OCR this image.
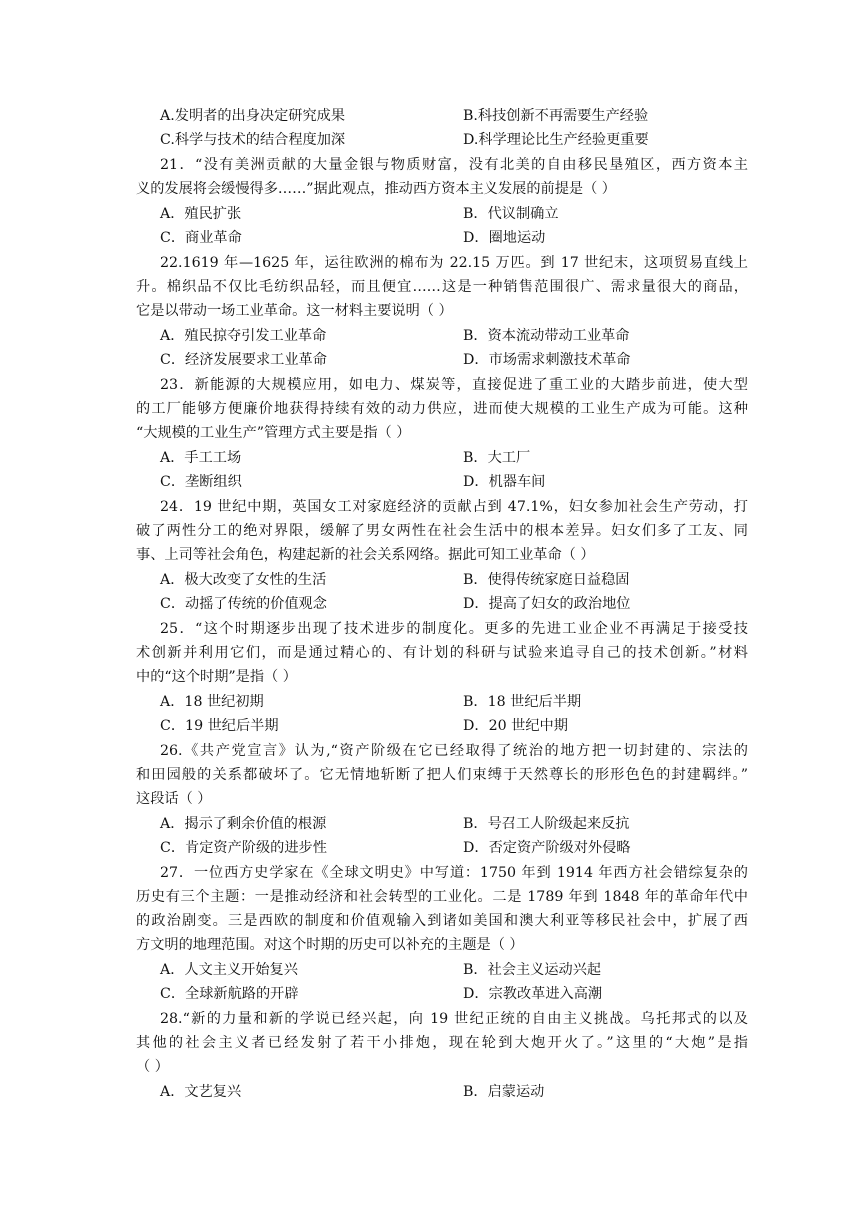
A.发明者的出身决定研究成果	B.科技创新不再需要生产经验
C.科学与技术的结合程度加深	D.科学理论比生产经验更重要
21．“没有美洲贡献的大量金银与物质财富，没有北美的自由移民垦殖区，西方资本主
义的发展将会缓慢得多……”据此观点，推动西方资本主义发展的前提是（ ）
A．殖民扩张	B．代议制确立
C．商业革命	D．圈地运动
22.1619 年—1625 年，运往欧洲的棉布为 22.15 万匹。到 17 世纪末，这项贸易直线上
升。棉织品不仅比毛纺织品轻，而且便宜……这是一种销售范围很广、需求量很大的商品，
它是以带动一场工业革命。这一材料主要说明（ ）
A．殖民掠夺引发工业革命	B．资本流动带动工业革命
C．经济发展要求工业革命	D．市场需求刺激技术革命
23．新能源的大规模应用，如电力、煤炭等，直接促进了重工业的大踏步前进，使大型
的工厂能够方便廉价地获得持续有效的动力供应，进而使大规模的工业生产成为可能。这种
“大规模的工业生产”管理方式主要是指（ ）
A．手工工场	B．大工厂
C．垄断组织	D．机器车间
24．19 世纪中期，英国女工对家庭经济的贡献占到 47.1%，妇女参加社会生产劳动，打
破了两性分工的绝对界限，缓解了男女两性在社会生活中的根本差异。妇女们多了工友、同
事、上司等社会角色，构建起新的社会关系网络。据此可知工业革命（ ）
A．极大改变了女性的生活	B．使得传统家庭日益稳固
C．动摇了传统的价值观念	D．提高了妇女的政治地位
25．“这个时期逐步出现了技术进步的制度化。更多的先进工业企业不再满足于接受技
术创新并利用它们，而是通过精心的、有计划的科研与试验来追寻自己的技术创新。”材料
中的“这个时期”是指（ ）
A．18 世纪初期	B．18 世纪后半期
C．19 世纪后半期	D．20 世纪中期
26.《共产党宣言》认为,“资产阶级在它已经取得了统治的地方把一切封建的、宗法的
和田园般的关系都破坏了。它无情地斩断了把人们束缚于天然尊长的形形色色的封建羁绊。”
这段话（ ）
A．揭示了剩余价值的根源	B．号召工人阶级起来反抗
C．肯定资产阶级的进步性	D．否定资产阶级对外侵略
27．一位西方史学家在《全球文明史》中写道：1750 年到 1914 年西方社会错综复杂的
历史有三个主题：一是推动经济和社会转型的工业化。二是 1789 年到 1848 年的革命年代中
的政治剧变。三是西欧的制度和价值观输入到诸如美国和澳大利亚等移民社会中，扩展了西
方文明的地理范围。对这个时期的历史可以补充的主题是（ ）
A．人文主义开始复兴	B．社会主义运动兴起
C．全球新航路的开辟	D．宗教改革进入高潮
28.“新的力量和新的学说已经兴起，向 19 世纪正统的自由主义挑战。乌托邦式的以及
其他的社会主义者已经发射了若干小排炮，现在轮到大炮开火了。”这里的“大炮”是指
（ ）
A．文艺复兴	B．启蒙运动
